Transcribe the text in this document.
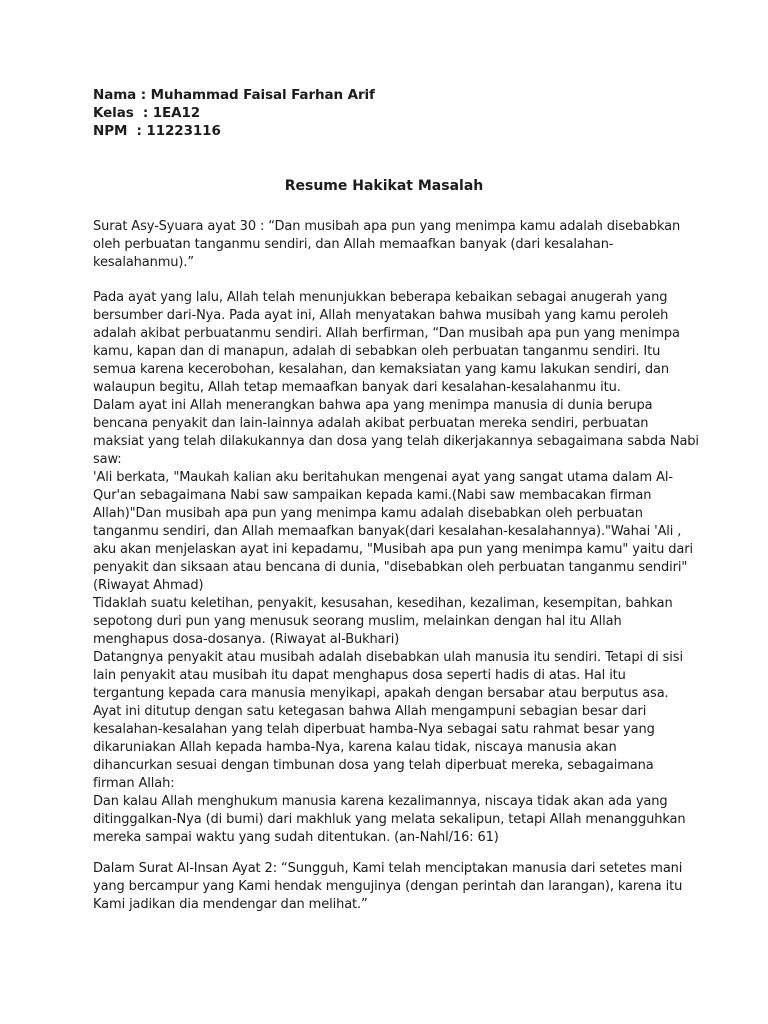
Nama : Muhammad Faisal Farhan Arif
Kelas  : 1EA12
NPM  : 11223116
Resume Hakikat Masalah
Surat Asy-Syuara ayat 30 : “Dan musibah apa pun yang menimpa kamu adalah disebabkan
oleh perbuatan tanganmu sendiri, dan Allah memaafkan banyak (dari kesalahan-
kesalahanmu).”
Pada ayat yang lalu, Allah telah menunjukkan beberapa kebaikan sebagai anugerah yang
bersumber dari-Nya. Pada ayat ini, Allah menyatakan bahwa musibah yang kamu peroleh
adalah akibat perbuatanmu sendiri. Allah berfirman, “Dan musibah apa pun yang menimpa
kamu, kapan dan di manapun, adalah di sebabkan oleh perbuatan tanganmu sendiri. Itu
semua karena kecerobohan, kesalahan, dan kemaksiatan yang kamu lakukan sendiri, dan
walaupun begitu, Allah tetap memaafkan banyak dari kesalahan-kesalahanmu itu.
Dalam ayat ini Allah menerangkan bahwa apa yang menimpa manusia di dunia berupa
bencana penyakit dan lain-lainnya adalah akibat perbuatan mereka sendiri, perbuatan
maksiat yang telah dilakukannya dan dosa yang telah dikerjakannya sebagaimana sabda Nabi
saw:
'Ali berkata, "Maukah kalian aku beritahukan mengenai ayat yang sangat utama dalam Al-
Qur'an sebagaimana Nabi saw sampaikan kepada kami.(Nabi saw membacakan firman
Allah)"Dan musibah apa pun yang menimpa kamu adalah disebabkan oleh perbuatan
tanganmu sendiri, dan Allah memaafkan banyak(dari kesalahan-kesalahannya)."Wahai 'Ali ,
aku akan menjelaskan ayat ini kepadamu, "Musibah apa pun yang menimpa kamu" yaitu dari
penyakit dan siksaan atau bencana di dunia, "disebabkan oleh perbuatan tanganmu sendiri"
(Riwayat Ahmad)
Tidaklah suatu keletihan, penyakit, kesusahan, kesedihan, kezaliman, kesempitan, bahkan
sepotong duri pun yang menusuk seorang muslim, melainkan dengan hal itu Allah
menghapus dosa-dosanya. (Riwayat al-Bukhari)
Datangnya penyakit atau musibah adalah disebabkan ulah manusia itu sendiri. Tetapi di sisi
lain penyakit atau musibah itu dapat menghapus dosa seperti hadis di atas. Hal itu
tergantung kepada cara manusia menyikapi, apakah dengan bersabar atau berputus asa.
Ayat ini ditutup dengan satu ketegasan bahwa Allah mengampuni sebagian besar dari
kesalahan-kesalahan yang telah diperbuat hamba-Nya sebagai satu rahmat besar yang
dikaruniakan Allah kepada hamba-Nya, karena kalau tidak, niscaya manusia akan
dihancurkan sesuai dengan timbunan dosa yang telah diperbuat mereka, sebagaimana
firman Allah:
Dan kalau Allah menghukum manusia karena kezalimannya, niscaya tidak akan ada yang
ditinggalkan-Nya (di bumi) dari makhluk yang melata sekalipun, tetapi Allah menangguhkan
mereka sampai waktu yang sudah ditentukan. (an-Nahl/16: 61)
Dalam Surat Al-Insan Ayat 2: “Sungguh, Kami telah menciptakan manusia dari setetes mani
yang bercampur yang Kami hendak mengujinya (dengan perintah dan larangan), karena itu
Kami jadikan dia mendengar dan melihat.”
